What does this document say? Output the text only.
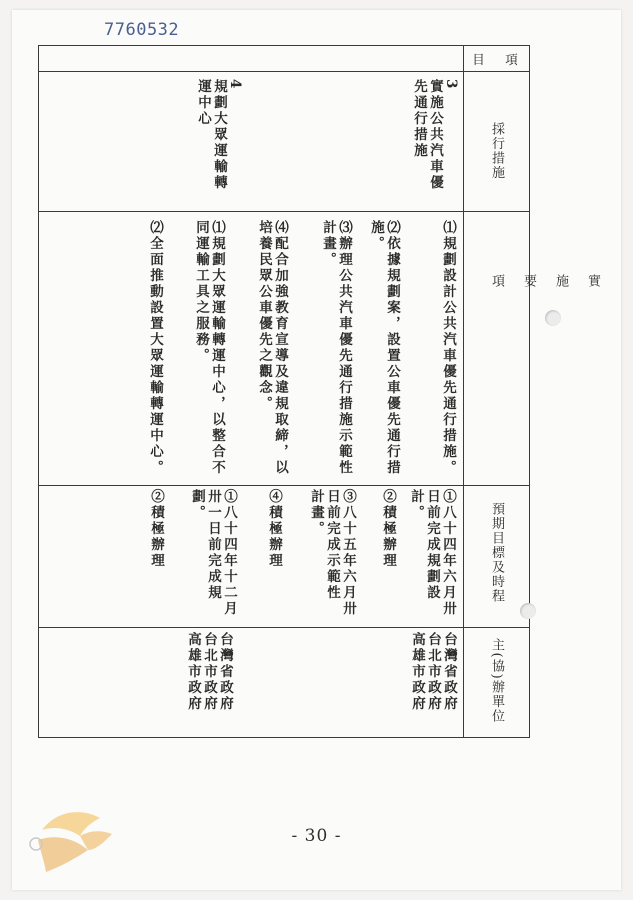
7760532
目　項
採行措施
實

施

要

項
預期目標及時程
主(協)辦單位
3
實施公共汽車優
先通行措施
4
規劃大眾運輸轉
運中心
⑴規劃設計公共汽車優先通行措施。
⑵依據規劃案，設置公車優先通行措
施。
⑶辦理公共汽車優先通行措施示範性
計畫。
⑷配合加強教育宣導及違規取締，以
培養民眾公車優先之觀念。
⑴規劃大眾運輸轉運中心，以整合不
同運輸工具之服務。
⑵全面推動設置大眾運輸轉運中心。
①八十四年六月卅
日前完成規劃設
計。
②積極辦理
③八十五年六月卅
日前完成示範性
計畫。
④積極辦理
①八十四年十二月
卅一日前完成規
劃。
②積極辦理
台灣省政府
台北市政府
高雄市政府
台灣省政府
台北市政府
高雄市政府
- 30 -
